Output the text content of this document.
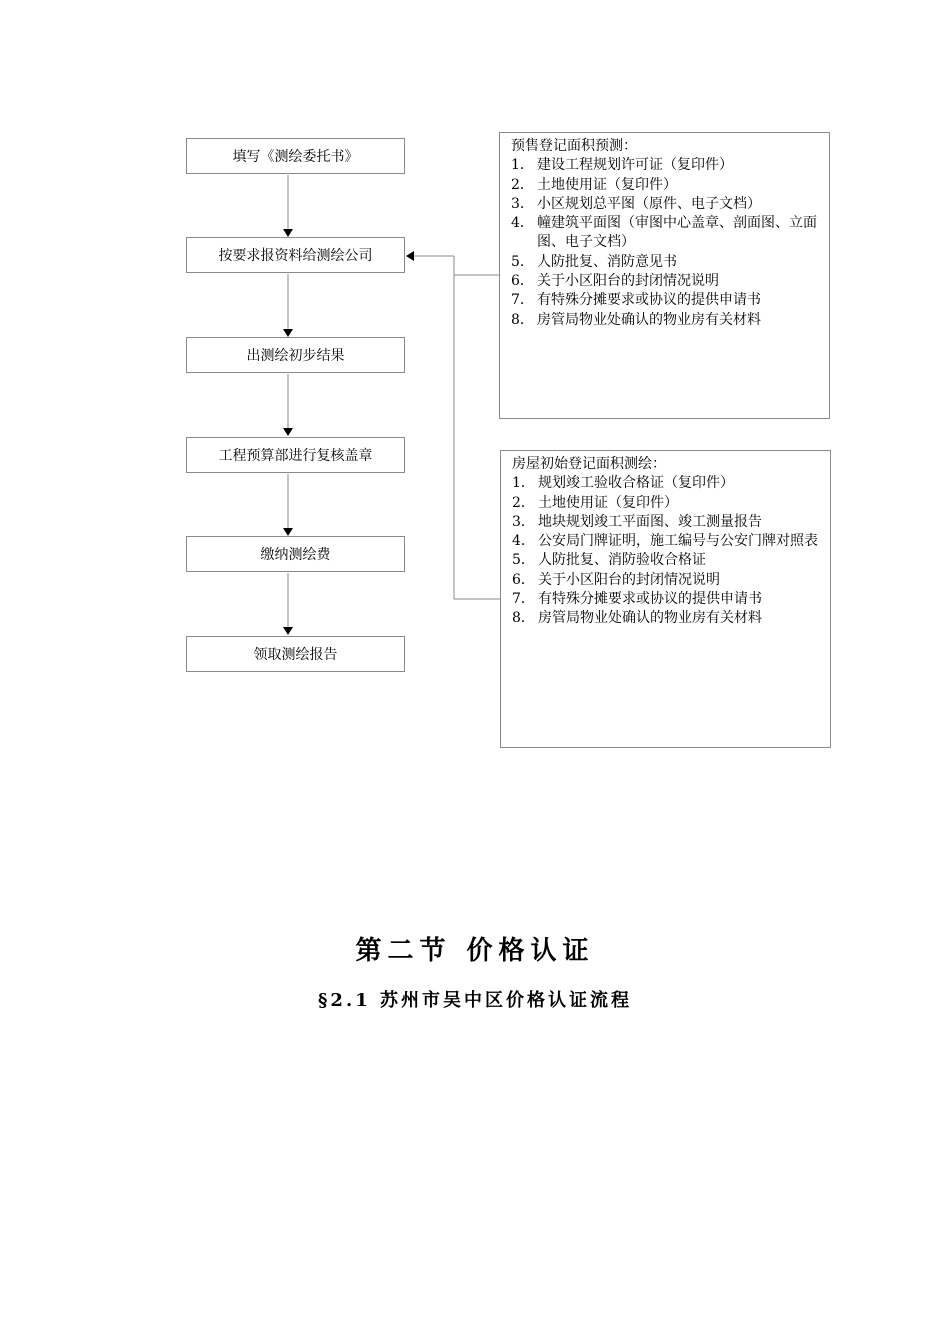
填写《测绘委托书》
按要求报资料给测绘公司
出测绘初步结果
工程预算部进行复核盖章
缴纳测绘费
领取测绘报告
预售登记面积预测：
1． 建设工程规划许可证（复印件）
2． 土地使用证（复印件）
3． 小区规划总平图（原件、电子文档）
4． 幢建筑平面图（审图中心盖章、剖面图、立面图、电子文档）
5． 人防批复、消防意见书
6． 关于小区阳台的封闭情况说明
7． 有特殊分摊要求或协议的提供申请书
8． 房管局物业处确认的物业房有关材料
房屋初始登记面积测绘：
1． 规划竣工验收合格证（复印件）
2． 土地使用证（复印件）
3． 地块规划竣工平面图、竣工测量报告
4． 公安局门牌证明，施工编号与公安门牌对照表
5． 人防批复、消防验收合格证
6． 关于小区阳台的封闭情况说明
7． 有特殊分摊要求或协议的提供申请书
8． 房管局物业处确认的物业房有关材料
第二节 价格认证
§2.1 苏州市吴中区价格认证流程
